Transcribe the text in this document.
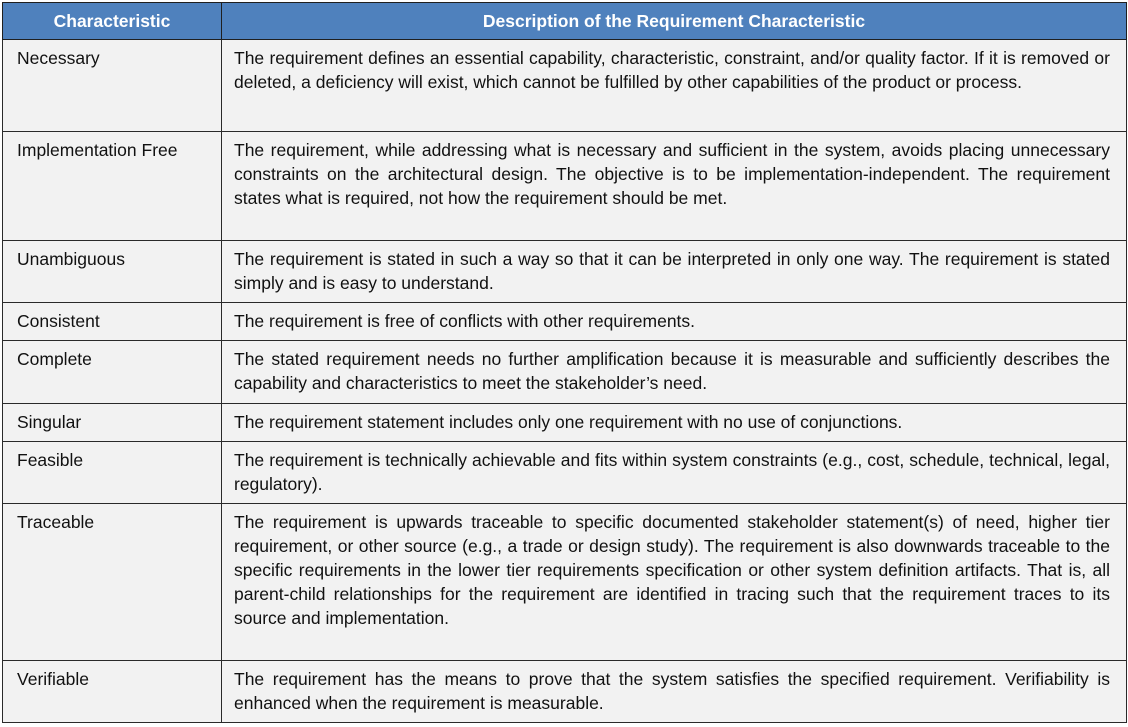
Characteristic	Description of the Requirement Characteristic
Necessary	The requirement defines an essential capability, characteristic, constraint, and/or quality factor. If it is removed or deleted, a deficiency will exist, which cannot be fulfilled by other capabilities of the product or process.
Implementation Free	The requirement, while addressing what is necessary and sufficient in the system, avoids placing unnecessary constraints on the architectural design. The objective is to be implementation-independent. The requirement states what is required, not how the requirement should be met.
Unambiguous	The requirement is stated in such a way so that it can be interpreted in only one way. The requirement is stated simply and is easy to understand.
Consistent	The requirement is free of conflicts with other requirements.
Complete	The stated requirement needs no further amplification because it is measurable and sufficiently describes the capability and characteristics to meet the stakeholder’s need.
Singular	The requirement statement includes only one requirement with no use of conjunctions.
Feasible	The requirement is technically achievable and fits within system constraints (e.g., cost, schedule, technical, legal, regulatory).
Traceable	The requirement is upwards traceable to specific documented stakeholder statement(s) of need, higher tier requirement, or other source (e.g., a trade or design study). The requirement is also downwards traceable to the specific requirements in the lower tier requirements specification or other system definition artifacts. That is, all parent-child relationships for the requirement are identified in tracing such that the requirement traces to its source and implementation.
Verifiable	The requirement has the means to prove that the system satisfies the specified requirement. Verifiability is enhanced when the requirement is measurable.
